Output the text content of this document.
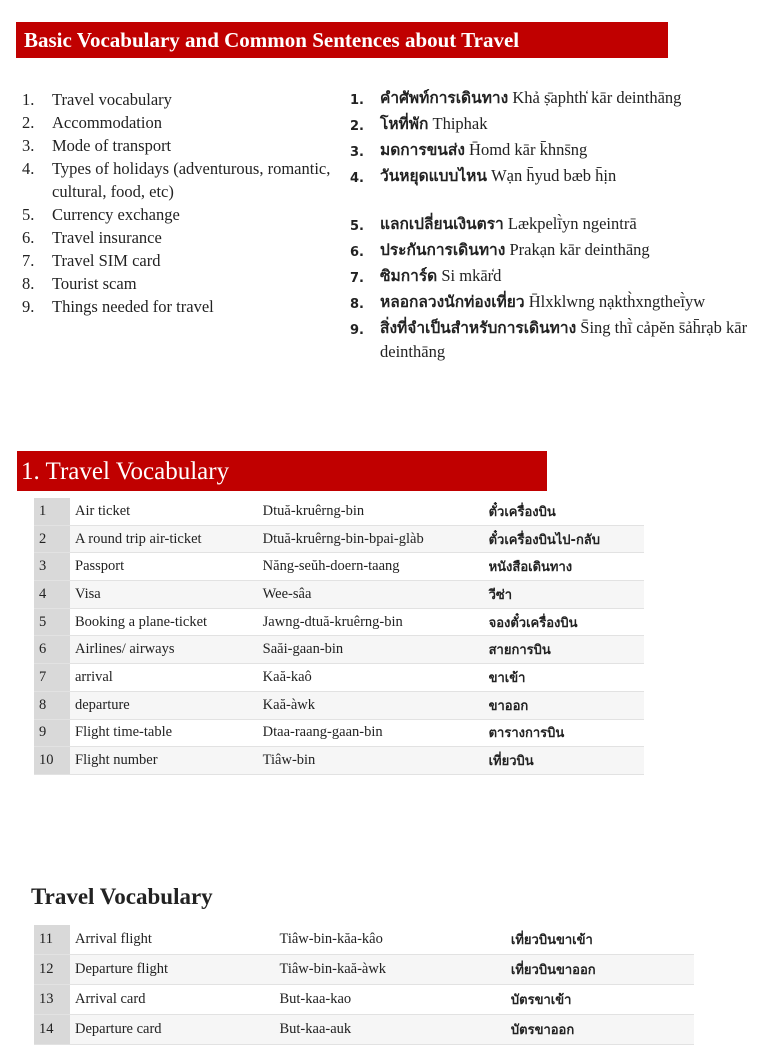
Basic Vocabulary and Common Sentences about Travel
1.	Travel vocabulary
2.	Accommodation
3.	Mode of transport
4.	Types of holidays (adventurous, romantic, cultural, food, etc)
5.	Currency exchange
6.	Travel insurance
7.	Travel SIM card
8.	Tourist scam
9.	Things needed for travel
1.	คำศัพท์การเดินทาง Khả ṣ̄aphth̒ kār deinthāng
2.	โหที่พัก Thiphak
3.	มดการขนส่ง H̄omd kār k̄hns̄ng
4.	วันหยุดแบบไหน Wạn h̄yud bæb h̄ịn
5.	แลกเปลี่ยนเงินตรา Lækpelī̀yn ngeintrā
6.	ประกันการเดินทาง Prakạn kār deinthāng
7.	ซิมการ์ด Si mkār̒d
8.	หลอกลวงนักท่องเที่ยว H̄lxklwng nạkth̀xngtheī̀yw
9.	สิ่งที่จำเป็นสำหรับการเดินทาง S̄ing thī̀ cảpĕn s̄ảh̄rạb kār deinthāng
1. Travel Vocabulary
1	Air ticket	Dtuă-kruêrng-bin	ตั๋วเครื่องบิน
2	A round trip air-ticket	Dtuă-kruêrng-bin-bpai-glàb	ตั๋วเครื่องบินไป-กลับ
3	Passport	Năng-seŭh-doern-taang	หนังสือเดินทาง
4	Visa	Wee-sâa	วีซ่า
5	Booking a plane-ticket	Jawng-dtuă-kruêrng-bin	จองตั๋วเครื่องบิน
6	Airlines/ airways	Saăi-gaan-bin	สายการบิน
7	arrival	Kaă-kaô	ขาเข้า
8	departure	Kaă-àwk	ขาออก
9	Flight time-table	Dtaa-raang-gaan-bin	ตารางการบิน
10	Flight number	Tiâw-bin	เที่ยวบิน
Travel Vocabulary
11	Arrival flight	Tiâw-bin-kăa-kâo	เที่ยวบินขาเข้า
12	Departure flight	Tiâw-bin-kaă-àwk	เที่ยวบินขาออก
13	Arrival card	But-kaa-kao	บัตรขาเข้า
14	Departure card	But-kaa-auk	บัตรขาออก
